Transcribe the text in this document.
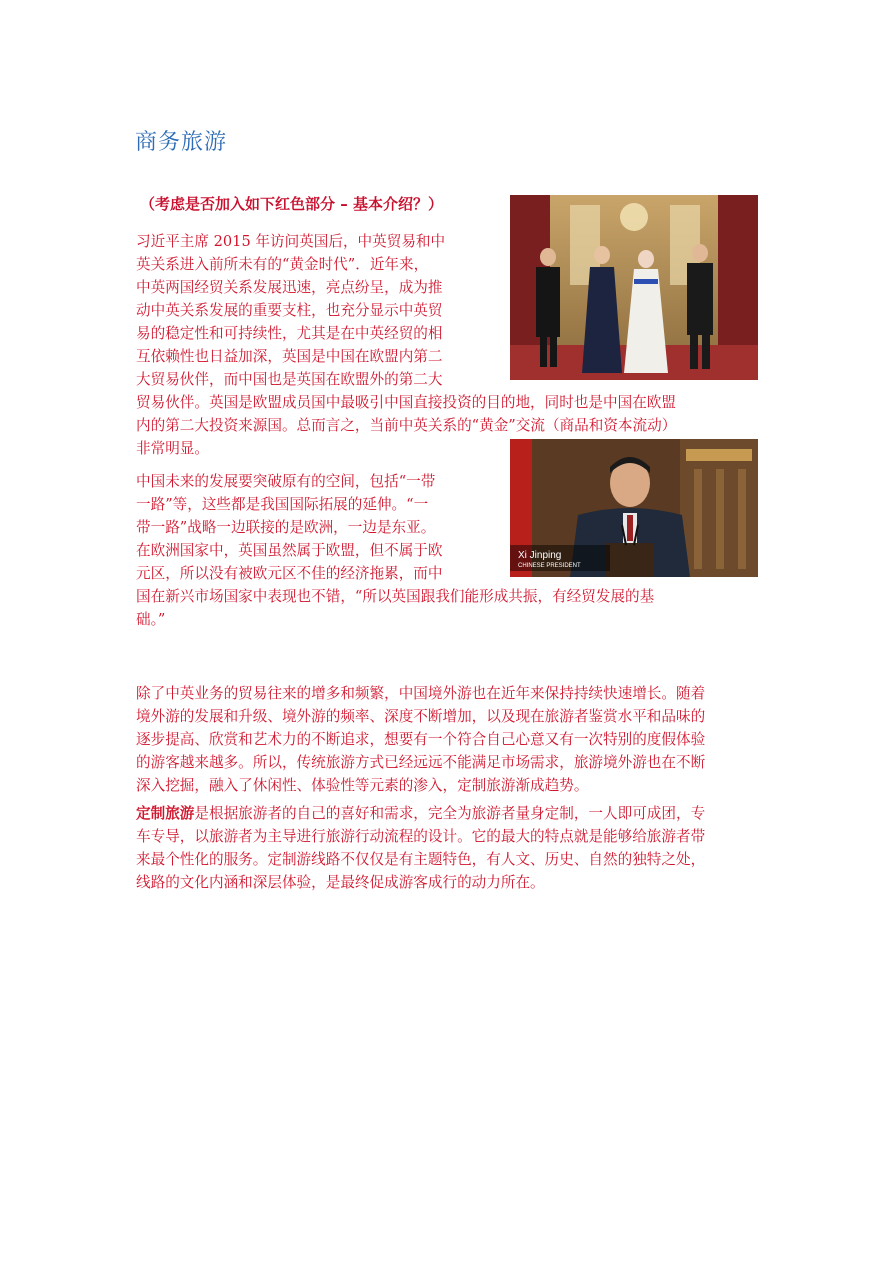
商务旅游
（考虑是否加入如下红色部分 – 基本介绍？）
习近平主席 2015 年访问英国后，中英贸易和中
英关系进入前所未有的“黄金时代”．近年来，
中英两国经贸关系发展迅速，亮点纷呈，成为推
动中英关系发展的重要支柱，也充分显示中英贸
易的稳定性和可持续性，尤其是在中英经贸的相
互依赖性也日益加深，英国是中国在欧盟内第二
大贸易伙伴，而中国也是英国在欧盟外的第二大
贸易伙伴。英国是欧盟成员国中最吸引中国直接投资的目的地，同时也是中国在欧盟
内的第二大投资来源国。总而言之，当前中英关系的“黄金”交流（商品和资本流动）
非常明显。
Xi Jinping
CHINESE PRESIDENT
中国未来的发展要突破原有的空间，包括“一带
一路”等，这些都是我国国际拓展的延伸。“一
带一路”战略一边联接的是欧洲，一边是东亚。
在欧洲国家中，英国虽然属于欧盟，但不属于欧
元区，所以没有被欧元区不佳的经济拖累，而中
国在新兴市场国家中表现也不错，“所以英国跟我们能形成共振，有经贸发展的基
础。”
除了中英业务的贸易往来的增多和频繁，中国境外游也在近年来保持持续快速增长。随着
境外游的发展和升级、境外游的频率、深度不断增加，以及现在旅游者鉴赏水平和品味的
逐步提高、欣赏和艺术力的不断追求，想要有一个符合自己心意又有一次特别的度假体验
的游客越来越多。所以，传统旅游方式已经远远不能满足市场需求，旅游境外游也在不断
深入挖掘，融入了休闲性、体验性等元素的渗入，定制旅游渐成趋势。
定制旅游是根据旅游者的自己的喜好和需求，完全为旅游者量身定制，一人即可成团，专
车专导，以旅游者为主导进行旅游行动流程的设计。它的最大的特点就是能够给旅游者带
来最个性化的服务。定制游线路不仅仅是有主题特色，有人文、历史、自然的独特之处，
线路的文化内涵和深层体验，是最终促成游客成行的动力所在。
